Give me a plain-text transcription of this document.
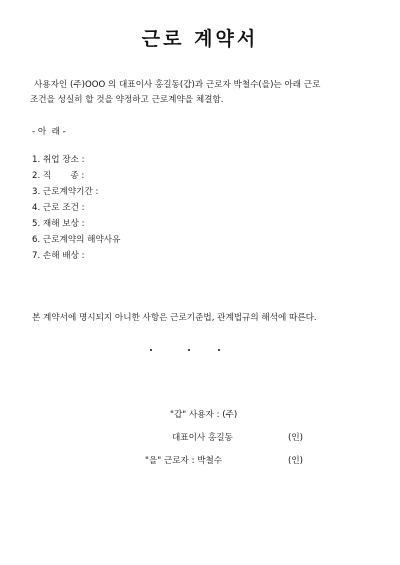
근로 계약서

사용자인 (주)OOO 의 대표이사 홍길동(갑)과 근로자 박철수(을)는 아래 근로
조건을 성실히 할 것을 약정하고 근로계약을 체결함.

- 아  래 -
1. 취업 장소 :
2. 직       종 :
3. 근로계약기간 :
4. 근로 조건 :
5. 재해 보상 :
6. 근로계약의 해약사유
7. 손해 배상 :

본 계약서에 명시되지 아니한 사항은 근로기준법, 관계법규의 해석에 따른다.

"갑" 사용자 : (주)
대표이사 홍길동	(인)
"을" 근로자 : 박철수	(인)
